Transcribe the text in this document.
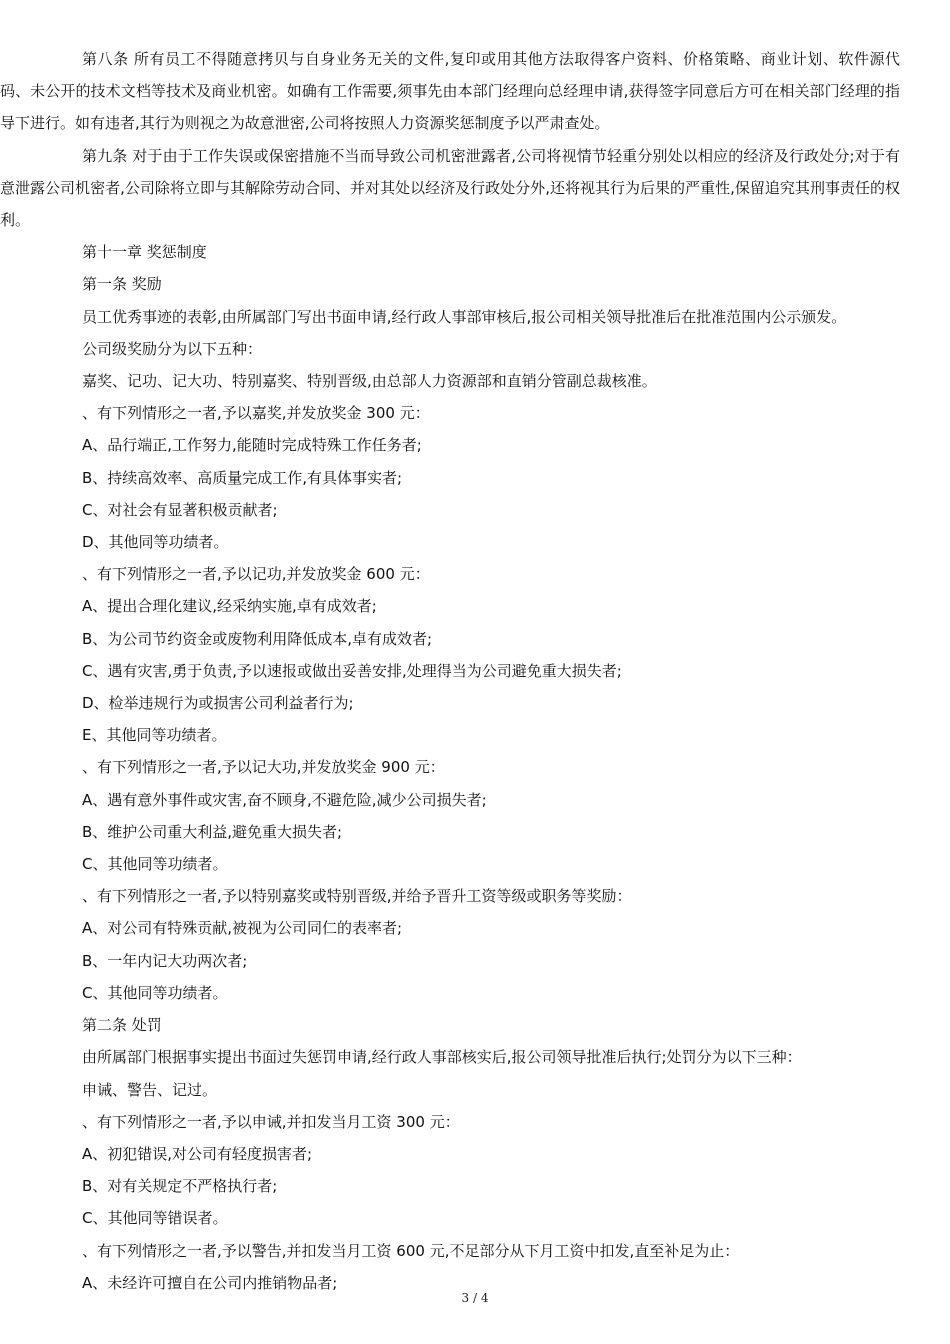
第八条 所有员工不得随意拷贝与自身业务无关的文件,复印或用其他方法取得客户资料、价格策略、商业计划、软件源代码、未公开的技术文档等技术及商业机密。如确有工作需要,须事先由本部门经理向总经理申请,获得签字同意后方可在相关部门经理的指导下进行。如有违者,其行为则视之为故意泄密,公司将按照人力资源奖惩制度予以严肃查处。

第九条 对于由于工作失误或保密措施不当而导致公司机密泄露者,公司将视情节轻重分别处以相应的经济及行政处分;对于有意泄露公司机密者,公司除将立即与其解除劳动合同、并对其处以经济及行政处分外,还将视其行为后果的严重性,保留追究其刑事责任的权利。

第十一章 奖惩制度

第一条 奖励

员工优秀事迹的表彰,由所属部门写出书面申请,经行政人事部审核后,报公司相关领导批准后在批准范围内公示颁发。

公司级奖励分为以下五种：

嘉奖、记功、记大功、特别嘉奖、特别晋级,由总部人力资源部和直销分管副总裁核准。

、有下列情形之一者,予以嘉奖,并发放奖金 300 元：

A、品行端正,工作努力,能随时完成特殊工作任务者;

B、持续高效率、高质量完成工作,有具体事实者;

C、对社会有显著积极贡献者;

D、其他同等功绩者。

、有下列情形之一者,予以记功,并发放奖金 600 元：

A、提出合理化建议,经采纳实施,卓有成效者;

B、为公司节约资金或废物利用降低成本,卓有成效者;

C、遇有灾害,勇于负责,予以速报或做出妥善安排,处理得当为公司避免重大损失者;

D、检举违规行为或损害公司利益者行为;

E、其他同等功绩者。

、有下列情形之一者,予以记大功,并发放奖金 900 元：

A、遇有意外事件或灾害,奋不顾身,不避危险,减少公司损失者;

B、维护公司重大利益,避免重大损失者;

C、其他同等功绩者。

、有下列情形之一者,予以特别嘉奖或特别晋级,并给予晋升工资等级或职务等奖励：

A、对公司有特殊贡献,被视为公司同仁的表率者;

B、一年内记大功两次者;

C、其他同等功绩者。

第二条 处罚

由所属部门根据事实提出书面过失惩罚申请,经行政人事部核实后,报公司领导批准后执行;处罚分为以下三种：

申诫、警告、记过。

、有下列情形之一者,予以申诫,并扣发当月工资 300 元：

A、初犯错误,对公司有轻度损害者;

B、对有关规定不严格执行者;

C、其他同等错误者。

、有下列情形之一者,予以警告,并扣发当月工资 600 元,不足部分从下月工资中扣发,直至补足为止：

A、未经许可擅自在公司内推销物品者;

3 / 4
